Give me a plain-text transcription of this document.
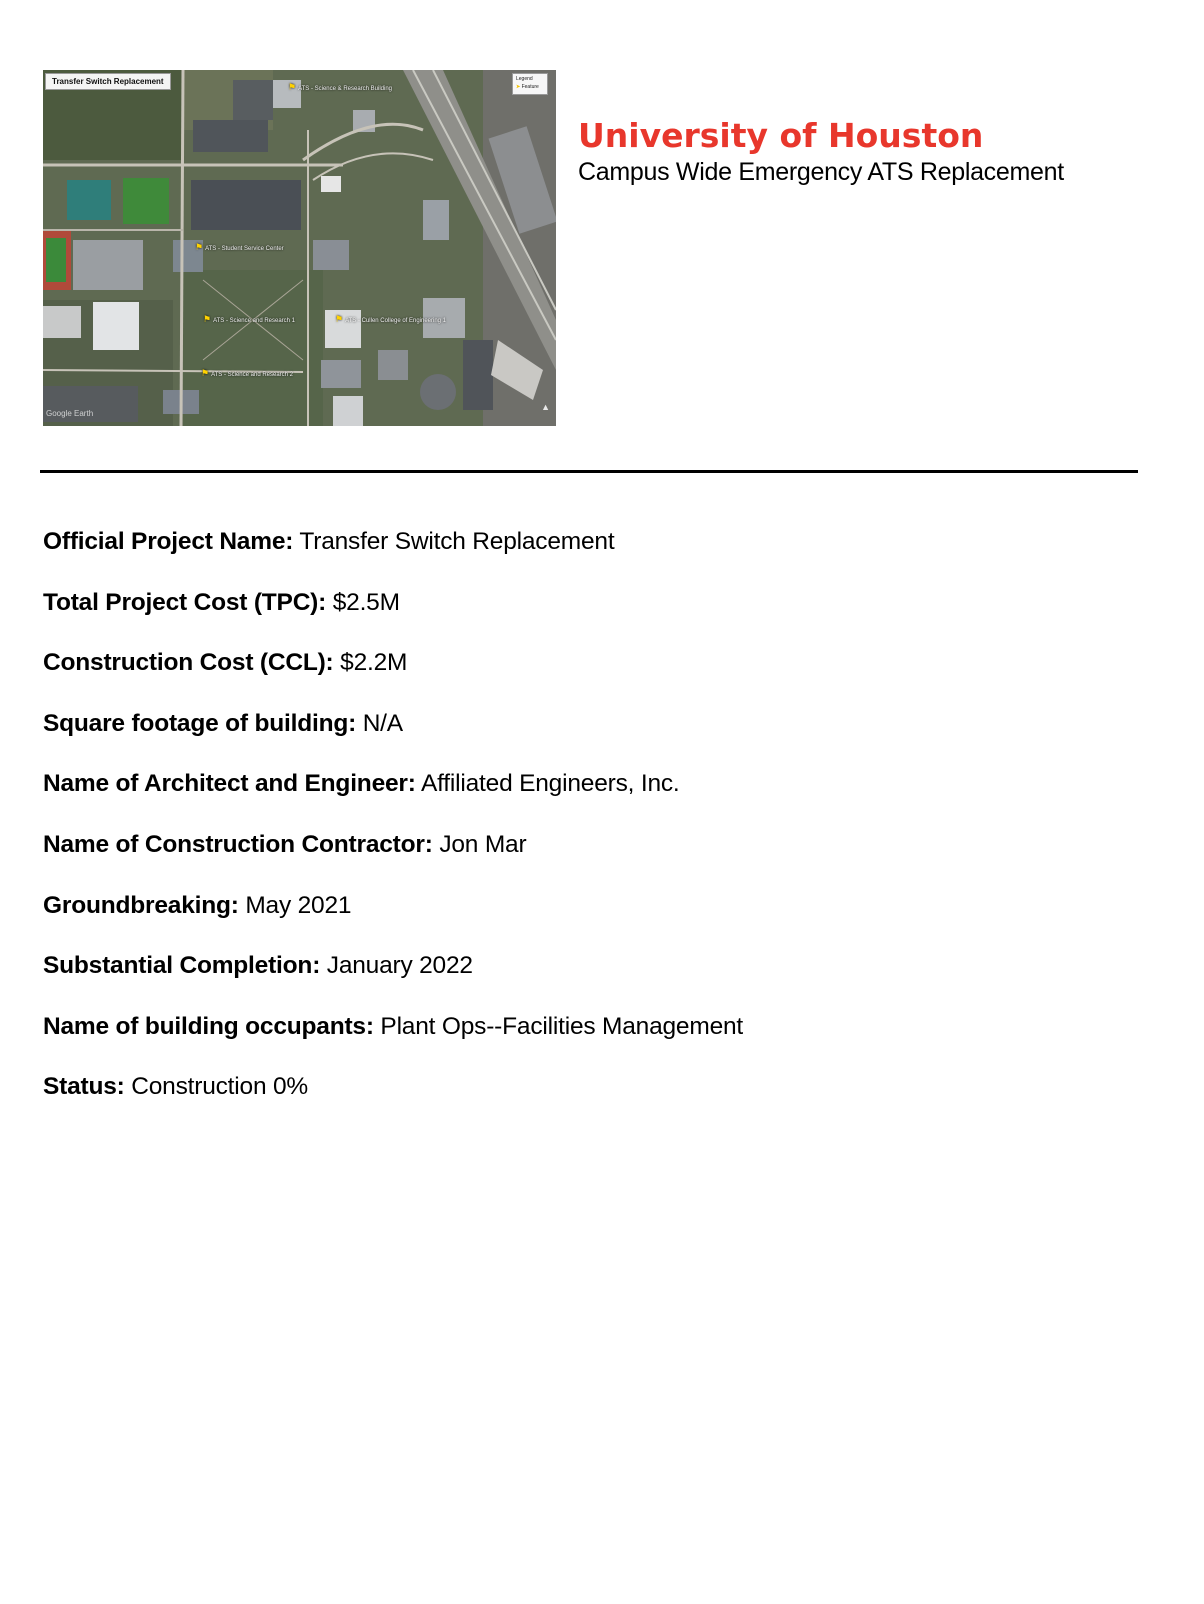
Transfer Switch Replacement	Legend
➤ Feature
⚑ ATS - Science & Research Building
⚑ ATS - Student Service Center
⚑ ATS - Science and Research 1	⚑ ATS - Cullen College of Engineering 1
⚑ ATS - Science and Research 2
Google Earth
▲
University of Houston
Campus Wide Emergency ATS Replacement
Official Project Name: Transfer Switch Replacement
Total Project Cost (TPC): $2.5M
Construction Cost (CCL): $2.2M
Square footage of building: N/A
Name of Architect and Engineer: Affiliated Engineers, Inc.
Name of Construction Contractor: Jon Mar
Groundbreaking: May 2021
Substantial Completion: January 2022
Name of building occupants: Plant Ops--Facilities Management
Status: Construction 0%
